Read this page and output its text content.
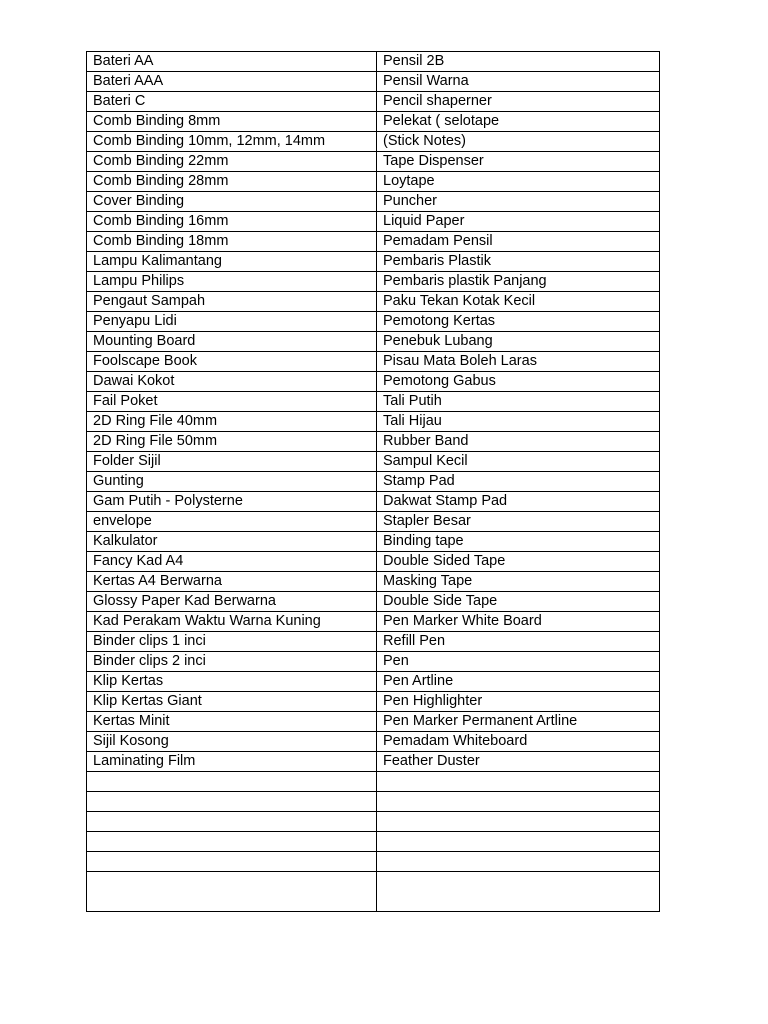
Bateri AA	Pensil 2B
Bateri AAA	Pensil Warna
Bateri C	Pencil shaperner
Comb Binding 8mm	Pelekat ( selotape
Comb Binding 10mm, 12mm, 14mm	(Stick Notes)
Comb Binding 22mm	Tape Dispenser
Comb Binding 28mm	Loytape
Cover Binding	Puncher
Comb Binding 16mm	Liquid Paper
Comb Binding 18mm	Pemadam Pensil
Lampu Kalimantang	Pembaris Plastik
Lampu Philips	Pembaris plastik Panjang
Pengaut Sampah	Paku Tekan Kotak Kecil
Penyapu Lidi	Pemotong Kertas
Mounting Board	Penebuk Lubang
Foolscape Book	Pisau Mata Boleh Laras
Dawai Kokot	Pemotong Gabus
Fail Poket	Tali Putih
2D Ring File 40mm	Tali Hijau
2D Ring File 50mm	Rubber Band
Folder Sijil	Sampul Kecil
Gunting	Stamp Pad
Gam Putih - Polysterne	Dakwat Stamp Pad
envelope	Stapler Besar
Kalkulator	Binding tape
Fancy Kad A4	Double Sided Tape
Kertas A4 Berwarna	Masking Tape
Glossy Paper Kad Berwarna	Double Side Tape
Kad Perakam Waktu Warna Kuning	Pen Marker White Board
Binder clips 1 inci	Refill Pen
Binder clips 2 inci	Pen
Klip Kertas	Pen Artline
Klip Kertas Giant	Pen Highlighter
Kertas Minit	Pen Marker Permanent Artline
Sijil Kosong	Pemadam Whiteboard
Laminating Film	Feather Duster
